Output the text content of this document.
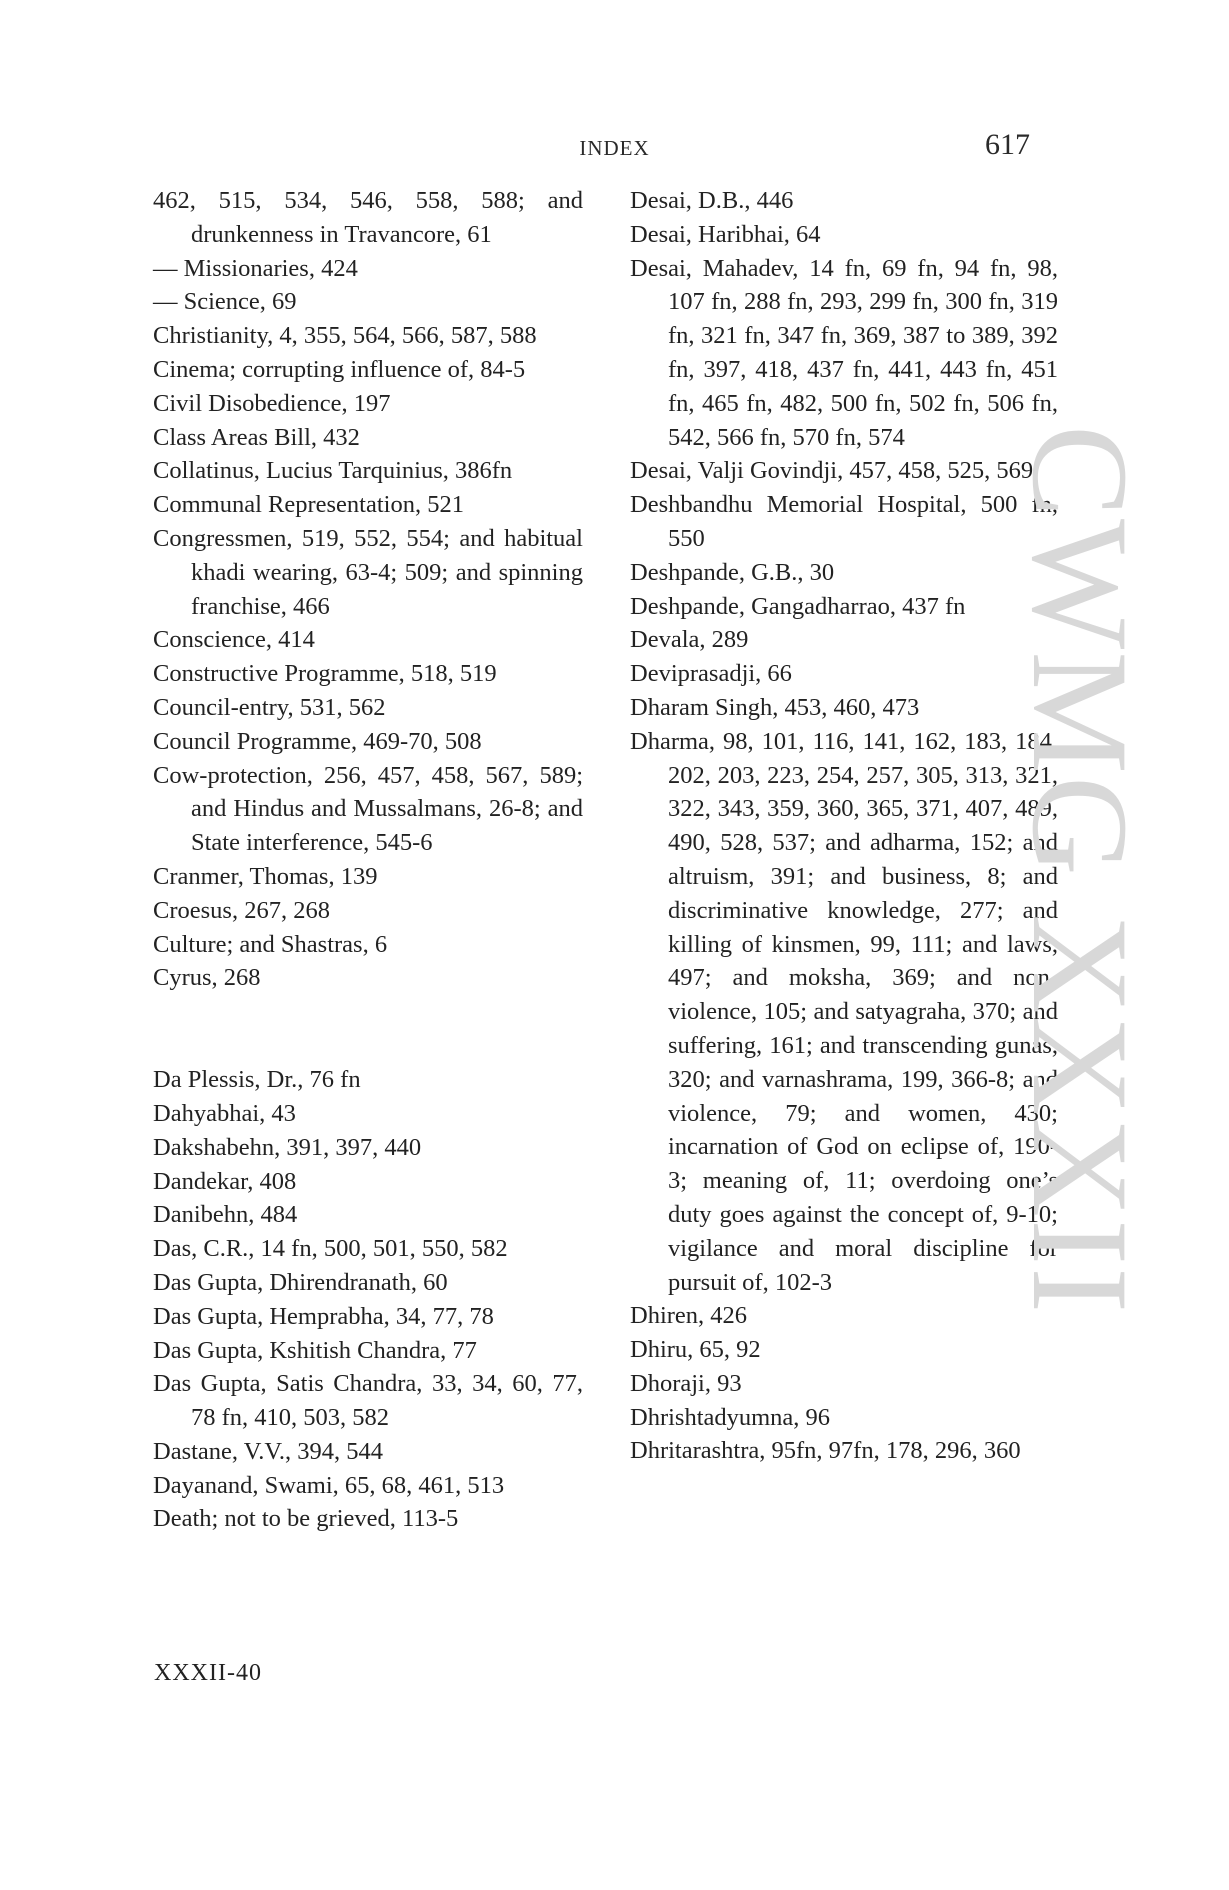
INDEX	617
462, 515, 534, 546, 558, 588; and drunkenness in Travancore, 61
— Missionaries, 424
— Science, 69
Christianity, 4, 355, 564, 566, 587, 588
Cinema; corrupting influence of, 84-5
Civil Disobedience, 197
Class Areas Bill, 432
Collatinus, Lucius Tarquinius, 386fn
Communal Representation, 521
Congressmen, 519, 552, 554; and habitual khadi wearing, 63-4; 509; and spinning franchise, 466
Conscience, 414
Constructive Programme, 518, 519
Council-entry, 531, 562
Council Programme, 469-70, 508
Cow-protection, 256, 457, 458, 567, 589; and Hindus and Mussalmans, 26-8; and State interference, 545-6
Cranmer, Thomas, 139
Croesus, 267, 268
Culture; and Shastras, 6
Cyrus, 268
Da Plessis, Dr., 76 fn
Dahyabhai, 43
Dakshabehn, 391, 397, 440
Dandekar, 408
Danibehn, 484
Das, C.R., 14 fn, 500, 501, 550, 582
Das Gupta, Dhirendranath, 60
Das Gupta, Hemprabha, 34, 77, 78
Das Gupta, Kshitish Chandra, 77
Das Gupta, Satis Chandra, 33, 34, 60, 77, 78 fn, 410, 503, 582
Dastane, V.V., 394, 544
Dayanand, Swami, 65, 68, 461, 513
Death; not to be grieved, 113-5
Desai, D.B., 446
Desai, Haribhai, 64
Desai, Mahadev, 14 fn, 69 fn, 94 fn, 98, 107 fn, 288 fn, 293, 299 fn, 300 fn, 319 fn, 321 fn, 347 fn, 369, 387 to 389, 392 fn, 397, 418, 437 fn, 441, 443 fn, 451 fn, 465 fn, 482, 500 fn, 502 fn, 506 fn, 542, 566 fn, 570 fn, 574
Desai, Valji Govindji, 457, 458, 525, 569
Deshbandhu Memorial Hospital, 500 fn, 550
Deshpande, G.B., 30
Deshpande, Gangadharrao, 437 fn
Devala, 289
Deviprasadji, 66
Dharam Singh, 453, 460, 473
Dharma, 98, 101, 116, 141, 162, 183, 184, 202, 203, 223, 254, 257, 305, 313, 321, 322, 343, 359, 360, 365, 371, 407, 489, 490, 528, 537; and adharma, 152; and altruism, 391; and business, 8; and discriminative knowledge, 277; and killing of kinsmen, 99, 111; and laws, 497; and moksha, 369; and non-violence, 105; and satyagraha, 370; and suffering, 161; and transcending gunas, 320; and varnashrama, 199, 366-8; and violence, 79; and women, 430; incarnation of God on eclipse of, 190-3; meaning of, 11; overdoing one’s duty goes against the concept of, 9-10; vigilance and moral discipline for pursuit of, 102-3
Dhiren, 426
Dhiru, 65, 92
Dhoraji, 93
Dhrishtadyumna, 96
Dhritarashtra, 95fn, 97fn, 178, 296, 360
CWMG XXXII
XXXII-40
